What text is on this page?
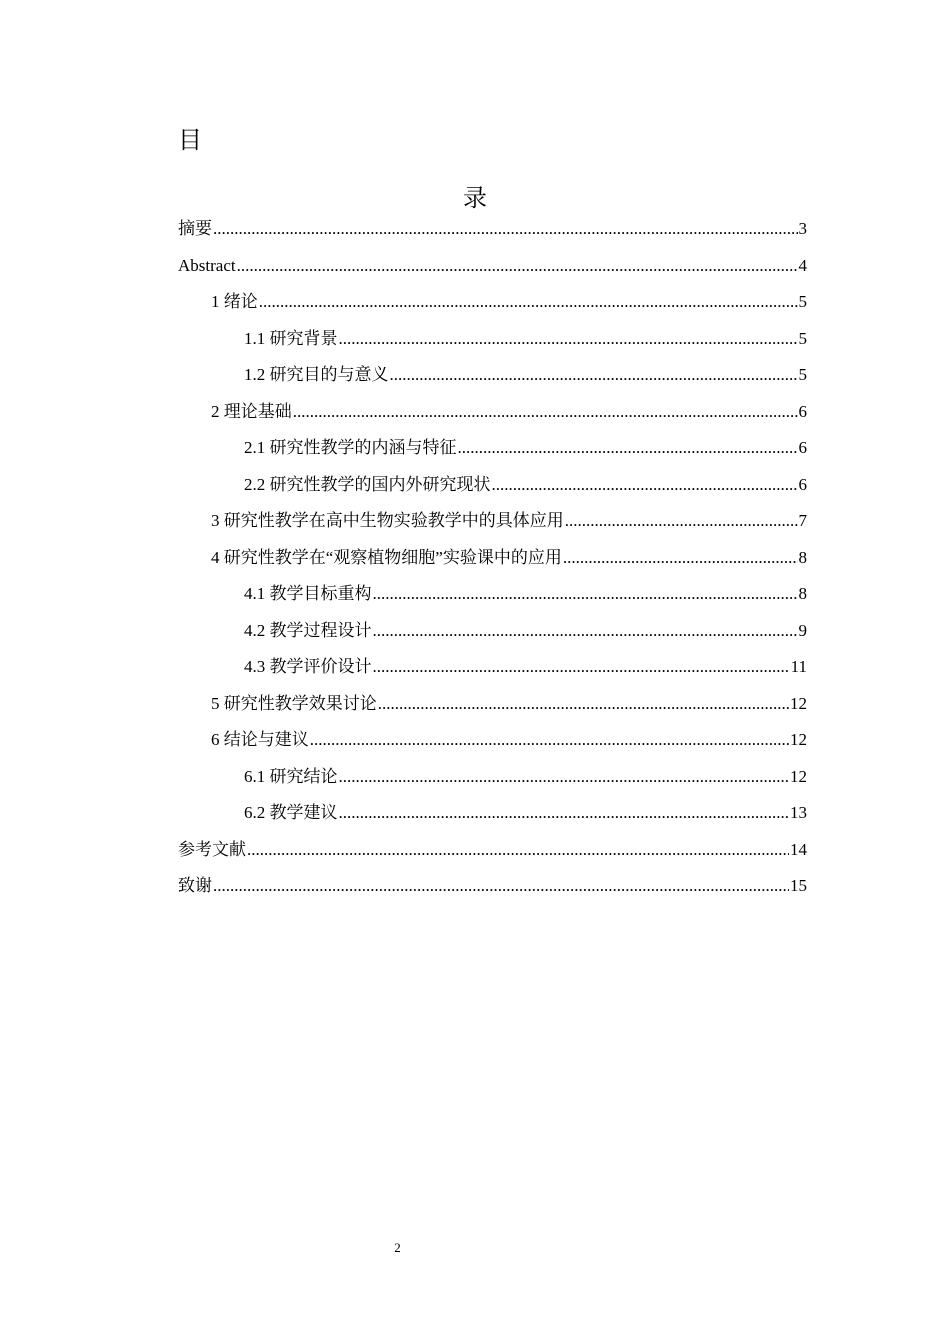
目
录
摘要 .....	3
Abstract .....	4
1 绪论 .....	5
1.1 研究背景 .....	5
1.2 研究目的与意义 .....	5
2 理论基础 .....	6
2.1 研究性教学的内涵与特征 .....	6
2.2 研究性教学的国内外研究现状 .....	6
3 研究性教学在高中生物实验教学中的具体应用 .....	7
4 研究性教学在“观察植物细胞”实验课中的应用 .....	8
4.1 教学目标重构 .....	8
4.2 教学过程设计 .....	9
4.3 教学评价设计 .....	11
5 研究性教学效果讨论 .....	12
6 结论与建议 .....	12
6.1 研究结论 .....	12
6.2 教学建议 .....	13
参考文献 .....	14
致谢 .....	15
2
